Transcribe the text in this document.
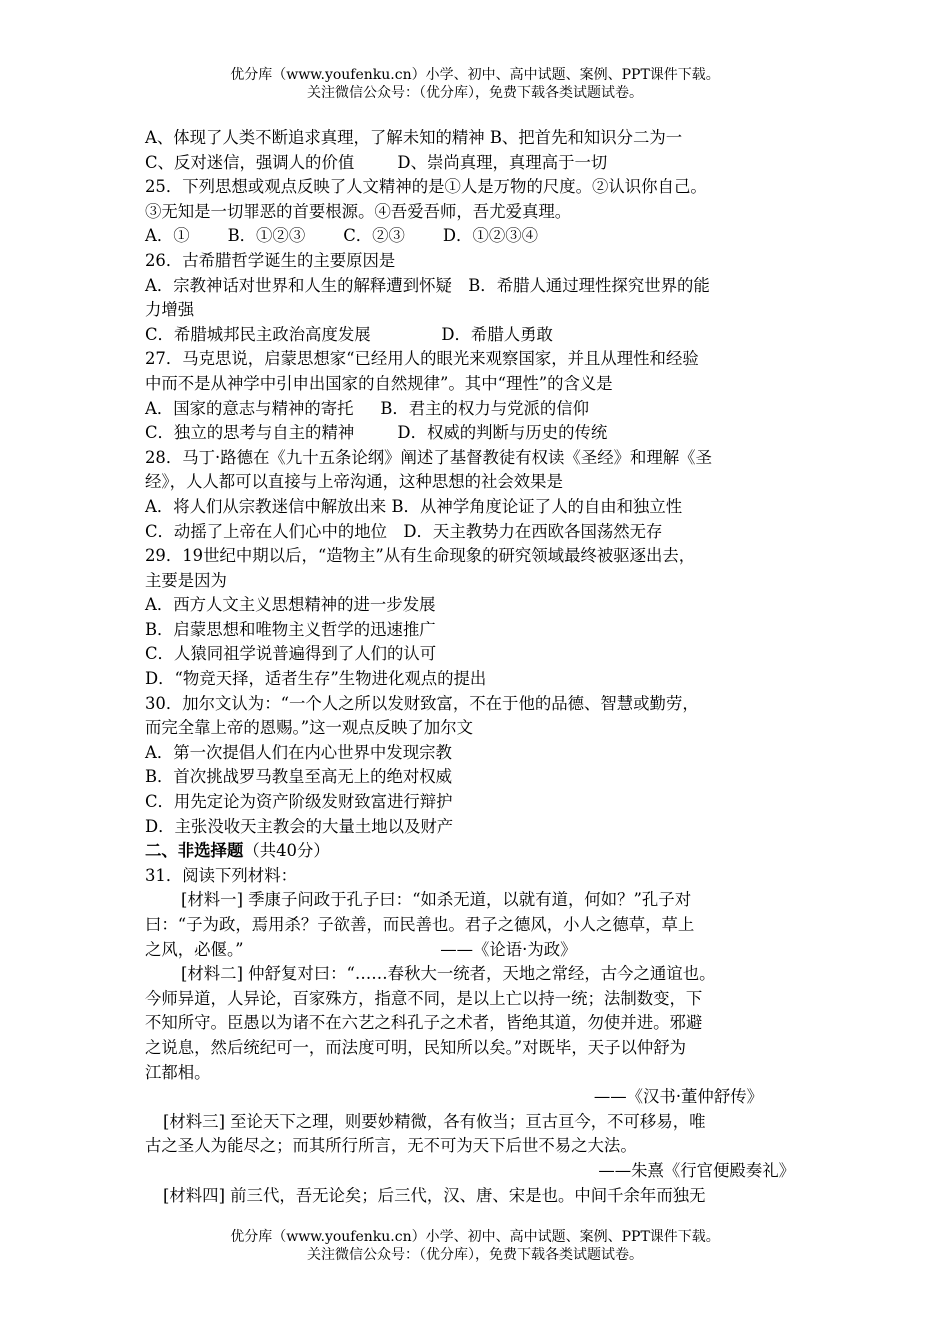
优分库（www.youfenku.cn）小学、初中、高中试题、案例、PPT课件下载。
关注微信公众号：（优分库），免费下载各类试题试卷。
A、体现了人类不断追求真理，了解未知的精神 B、把首先和知识分二为一
C、反对迷信，强调人的价值 　　 D、崇尚真理，真理高于一切
25．下列思想或观点反映了人文精神的是①人是万物的尺度。②认识你自己。
③无知是一切罪恶的首要根源。④吾爱吾师，吾尤爱真理。
A．① 　　B．①②③ 　　C．②③ 　　D．①②③④
26．古希腊哲学诞生的主要原因是
A．宗教神话对世界和人生的解释遭到怀疑　B．希腊人通过理性探究世界的能
力增强
C．希腊城邦民主政治高度发展 　　　　D．希腊人勇敢
27．马克思说，启蒙思想家“已经用人的眼光来观察国家，并且从理性和经验
中而不是从神学中引申出国家的自然规律”。其中“理性”的含义是
A．国家的意志与精神的寄托 　 B．君主的权力与党派的信仰
C．独立的思考与自主的精神 　　 D．权威的判断与历史的传统
28．马丁·路德在《九十五条论纲》阐述了基督教徒有权读《圣经》和理解《圣
经》，人人都可以直接与上帝沟通，这种思想的社会效果是
A．将人们从宗教迷信中解放出来 B．从神学角度论证了人的自由和独立性
C．动摇了上帝在人们心中的地位　D．天主教势力在西欧各国荡然无存
29．19世纪中期以后，“造物主”从有生命现象的研究领域最终被驱逐出去，
主要是因为
A．西方人文主义思想精神的进一步发展
B．启蒙思想和唯物主义哲学的迅速推广
C．人猿同祖学说普遍得到了人们的认可
D．“物竞天择，适者生存”生物进化观点的提出
30．加尔文认为：“一个人之所以发财致富，不在于他的品德、智慧或勤劳，
而完全靠上帝的恩赐。”这一观点反映了加尔文
A．第一次提倡人们在内心世界中发现宗教
B．首次挑战罗马教皇至高无上的绝对权威
C．用先定论为资产阶级发财致富进行辩护
D．主张没收天主教会的大量土地以及财产
二、非选择题（共40分）
31．阅读下列材料：
[材料一] 季康子问政于孔子曰：“如杀无道，以就有道，何如？”孔子对
曰：“子为政，焉用杀？子欲善，而民善也。君子之德风，小人之德草，草上
之风，必偃。”　　　　　　　　　　　　——《论语·为政》
[材料二] 仲舒复对曰：“……春秋大一统者，天地之常经，古今之通谊也。
今师异道，人异论，百家殊方，指意不同，是以上亡以持一统；法制数变，下
不知所守。臣愚以为诸不在六艺之科孔子之术者，皆绝其道，勿使并进。邪避
之说息，然后统纪可一，而法度可明，民知所以矣。”对既毕，天子以仲舒为
江都相。
——《汉书·董仲舒传》
[材料三] 至论天下之理，则要妙精微，各有攸当；亘古亘今，不可移易，唯
古之圣人为能尽之；而其所行所言，无不可为天下后世不易之大法。
——朱熹《行官便殿奏礼》
[材料四] 前三代，吾无论矣；后三代，汉、唐、宋是也。中间千余年而独无
优分库（www.youfenku.cn）小学、初中、高中试题、案例、PPT课件下载。
关注微信公众号：（优分库），免费下载各类试题试卷。
